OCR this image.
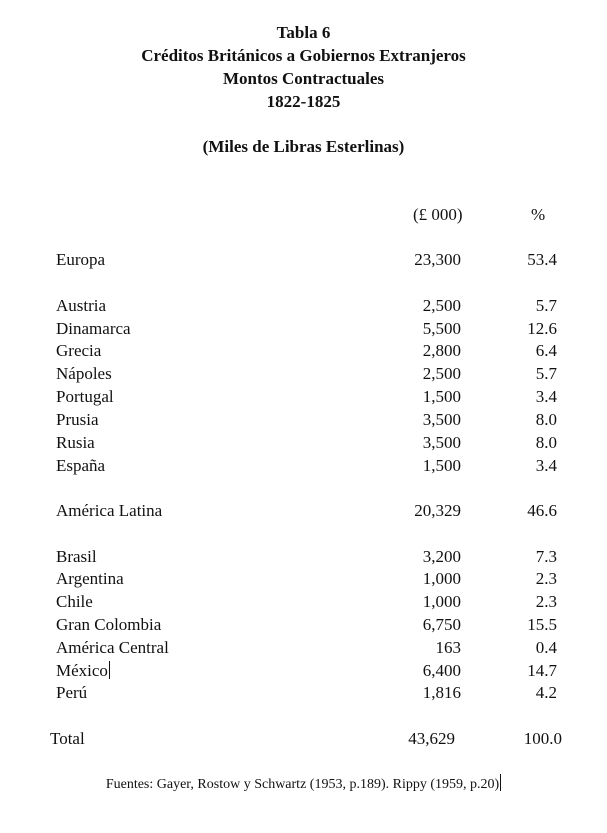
Tabla 6
Créditos Británicos a Gobiernos Extranjeros
Montos Contractuales
1822-1825
(Miles de Libras Esterlinas)
(£ 000)	%
Europa	23,300	53.4
Austria	2,500	5.7
Dinamarca	5,500	12.6
Grecia	2,800	6.4
Nápoles	2,500	5.7
Portugal	1,500	3.4
Prusia	3,500	8.0
Rusia	3,500	8.0
España	1,500	3.4
América Latina	20,329	46.6
Brasil	3,200	7.3
Argentina	1,000	2.3
Chile	1,000	2.3
Gran Colombia	6,750	15.5
América Central	163	0.4
México	6,400	14.7
Perú	1,816	4.2
Total	43,629	100.0
Fuentes: Gayer, Rostow y Schwartz (1953, p.189). Rippy (1959, p.20)
